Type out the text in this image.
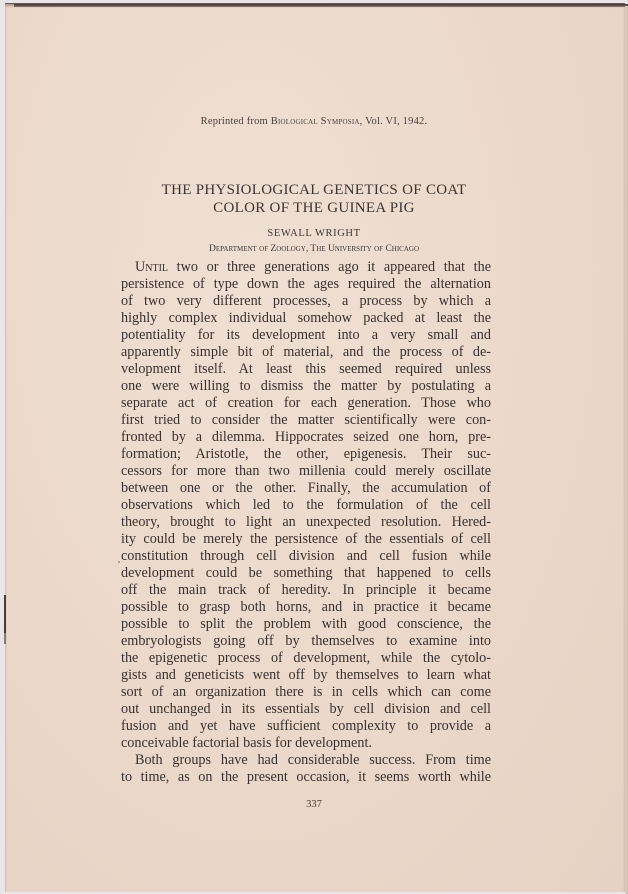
Reprinted from Biological Symposia, Vol. VI, 1942.
THE PHYSIOLOGICAL GENETICS OF COAT
COLOR OF THE GUINEA PIG
SEWALL WRIGHT
Department of Zoology, The University of Chicago
Until two or three generations ago it appeared that the
persistence of type down the ages required the alternation
of two very different processes, a process by which a
highly complex individual somehow packed at least the
potentiality for its development into a very small and
apparently simple bit of material, and the process of de-
velopment itself. At least this seemed required unless
one were willing to dismiss the matter by postulating a
separate act of creation for each generation. Those who
first tried to consider the matter scientifically were con-
fronted by a dilemma. Hippocrates seized one horn, pre-
formation; Aristotle, the other, epigenesis. Their suc-
cessors for more than two millenia could merely oscillate
between one or the other. Finally, the accumulation of
observations which led to the formulation of the cell
theory, brought to light an unexpected resolution. Hered-
ity could be merely the persistence of the essentials of cell
constitution through cell division and cell fusion while
development could be something that happened to cells
off the main track of heredity. In principle it became
possible to grasp both horns, and in practice it became
possible to split the problem with good conscience, the
embryologists going off by themselves to examine into
the epigenetic process of development, while the cytolo-
gists and geneticists went off by themselves to learn what
sort of an organization there is in cells which can come
out unchanged in its essentials by cell division and cell
fusion and yet have sufficient complexity to provide a
conceivable factorial basis for development.
Both groups have had considerable success. From time
to time, as on the present occasion, it seems worth while
337
